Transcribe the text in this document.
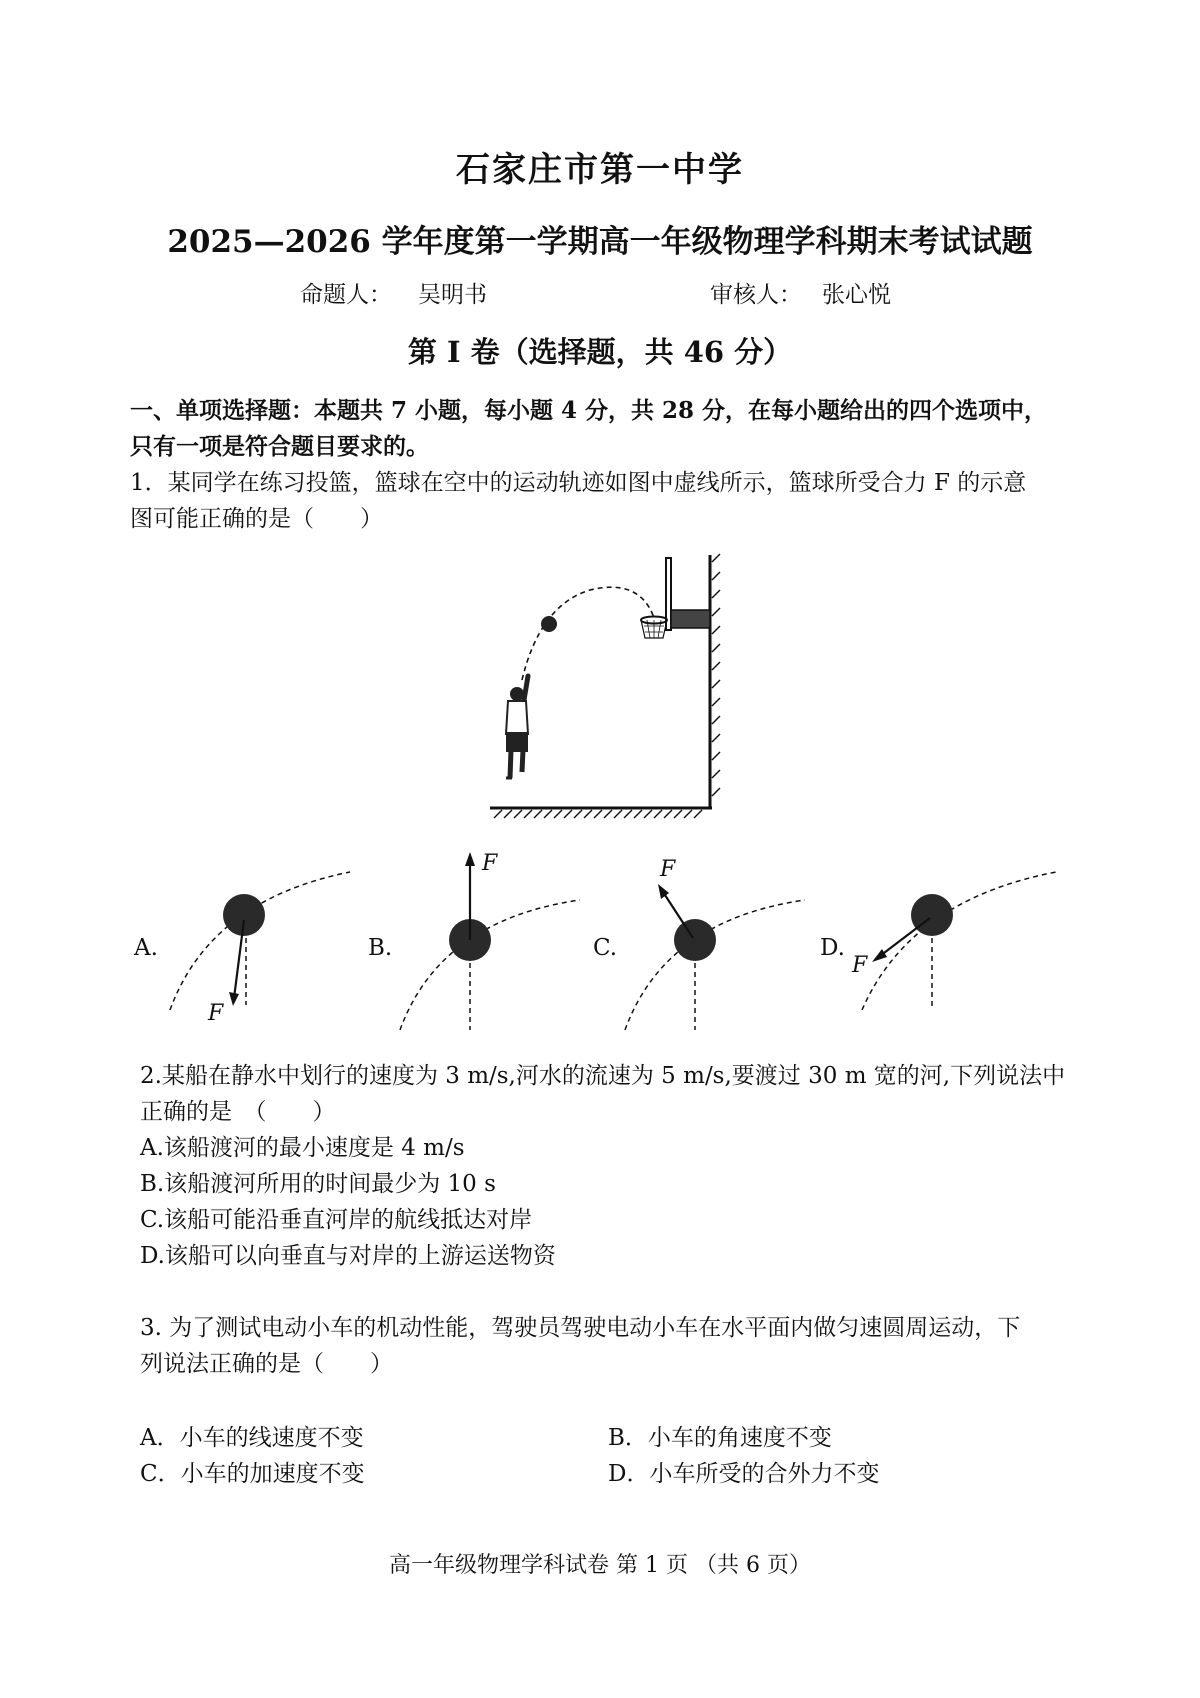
石家庄市第一中学
2025—2026 学年度第一学期高一年级物理学科期末考试试题
命题人： 吴明书	审核人： 张心悦
第 I 卷（选择题，共 46 分）
一、单项选择题：本题共 7 小题，每小题 4 分，共 28 分，在每小题给出的四个选项中，
只有一项是符合题目要求的。
1．某同学在练习投篮，篮球在空中的运动轨迹如图中虚线所示，篮球所受合力 F 的示意
图可能正确的是（　　）
A.
F
B.
F
C.
F
D.
F
2.某船在静水中划行的速度为 3 m/s,河水的流速为 5 m/s,要渡过 30 m 宽的河,下列说法中
正确的是　（　　）
A.该船渡河的最小速度是 4 m/s
B.该船渡河所用的时间最少为 10 s
C.该船可能沿垂直河岸的航线抵达对岸
D.该船可以向垂直与对岸的上游运送物资
3. 为了测试电动小车的机动性能，驾驶员驾驶电动小车在水平面内做匀速圆周运动，下
列说法正确的是（　　）
A．小车的线速度不变	B．小车的角速度不变
C．小车的加速度不变	D．小车所受的合外力不变
高一年级物理学科试卷 第 1 页 （共 6 页）
